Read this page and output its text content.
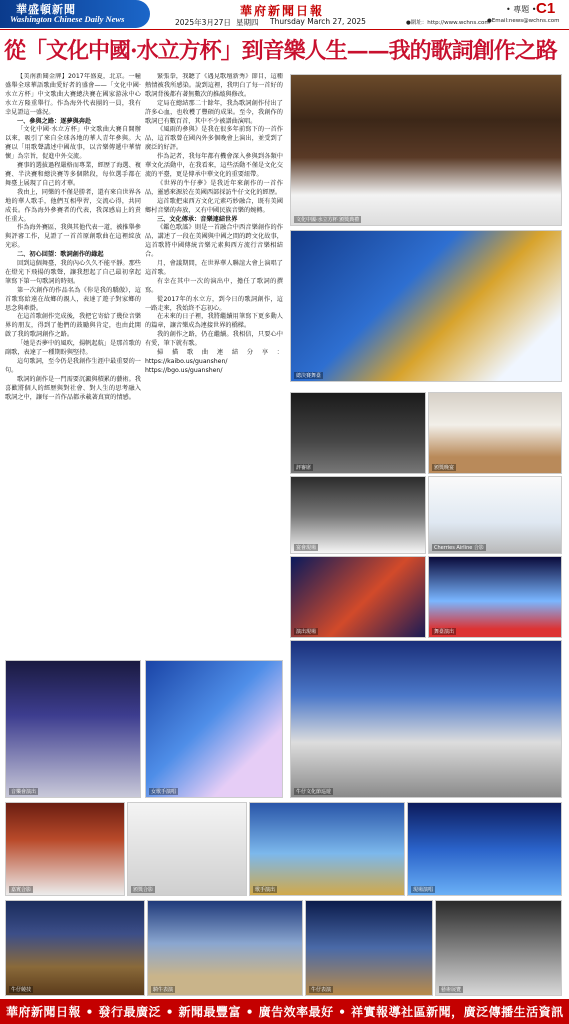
華盛頓新聞
Washington Chinese Daily News
華府新聞日報	• 專題 • C1
2025年3月27日 星期四 Thursday March 27, 2025	●網址：http://www.wchns.com
●Email:news@wchns.com
從「文化中國·水立方杯」到音樂人生——我的歌詞創作之路

【美南新聞金牌】2017年盛夏，北京。一幢盛舉全球華語歌曲愛好者的盛會——「文化中國·水立方杯」中文歌曲大賽總決賽在國家游泳中心水立方隆重舉行。作為海外代表團的一員，我有幸見證這一盛況。

一、參與之路：逐夢與奔赴

「文化中國·水立方杯」中文歌曲大賽自開辦以來，吸引了來自全球各地的華人青年參與。大賽以「用歌聲講述中國故事，以音樂傳遞中華情懷」為宗旨，促進中外交流。

賽事的選拔過程嚴格而專業，經歷了海選、複賽、半決賽和總決賽等多個階段，每位選手都在舞臺上展現了自己的才華。

我由上，同樂的不僅是勝者，還有來自世界各地的華人歌手，他們互相學習，交流心得，共同成長。作為海外參賽者的代表，我深感肩上的責任重大。

作為海外賽區，我與其他代表一道，被推舉參與評審工作，見證了一首首原創歌曲在這裡綻放光彩。

二、初心回望：歌詞創作的緣起

回到這個舞臺，我的內心久久不能平靜。那些在燈光下飛揚的歌聲，讓我想起了自己最初拿起筆寫下第一句歌詞的時刻。

第一次創作的作品名為《你是我的驕傲》，這首歌寫給遠在故鄉的親人，表達了遊子對家鄉的思念與牽掛。

在這首歌創作完成後，我把它寄給了幾位音樂界的朋友，得到了他們的鼓勵與肯定，也由此開啟了我的歌詞創作之路。

「她是否夢中的風吹，揚帆起航」是那首歌的副歌，表達了一種期盼與堅持。

這句歌詞，至今仍是我創作生涯中最重要的一句。

歌詞的創作是一門需要沉澱與積累的藝術。我喜歡將個人的經歷與對社會、對人生的思考融入歌詞之中，讓每一首作品都承載著真實的情感。

緊張拳，我聽了《遇見歌壇新秀》節目，這種熱情被我所感染。說到這裡，我明白了每一首好的歌詞背後都有著無數次的推敲與修改。

定局在總結那二十餘年，我為歌詞創作付出了許多心血，也收穫了豐碩的成果。至今，我創作的歌詞已有數百首，其中不少被譜曲演唱。

《風雨的參與》是我在很多年前寫下的一首作品，這首歌曾在國內外多個晚會上演出，並受到了廣泛的好評。

作為記者，我每年都有機會深入參與到各類中華文化活動中，在我看來，這些活動不僅是文化交流的平臺，更是傳承中華文化的重要紐帶。

《世界的牛仔夢》是我近年來創作的一首作品，靈感來源於在美國西部採訪牛仔文化的經歷。

這首歌把東西方文化元素巧妙融合，既有美國鄉村音樂的奔放，又有中國民族音樂的婉轉。

三、文化傳承：音樂連結世界

《鑑色歌謠》則是一首融合中西音樂創作的作品，講述了一段在美國與中國之間的跨文化故事，這首歌將中國傳統音樂元素與西方流行音樂相結合。

月，會議期間，在世界華人聯誼大會上演唱了這首歌。

有幸在其中一次的演出中，擔任了歌詞的撰寫。

從2017年的水立方，到今日的歌詞創作，這一路走來，我始終不忘初心。

在未來的日子裡，我將繼續用筆寫下更多動人的篇章，讓音樂成為連接世界的橋樑。

我的創作之路，仍在繼續。我相信，只要心中有愛，筆下就有歌。

掃描歌曲連結分享：https://kaibo.us/guanshen/ https://bgo.us/guanshen/

文化中國·水立方杯 頒獎典禮
總決賽舞臺
評審席	頒獎晚宴
宴會現場	Cherries Airline 合影
演出現場	舞臺演出
音樂會演出	女歌手演唱	牛仔文化節巡遊
嘉賓合影	頒獎合影	歌手演出	現場演唱
牛仔競技	騎牛表演	牛仔表演	藝術展覽
華府新聞日報 • 發行最廣泛 • 新聞最豐富 • 廣告效率最好 • 祥實報導社區新聞，廣泛傳播生活資訊
